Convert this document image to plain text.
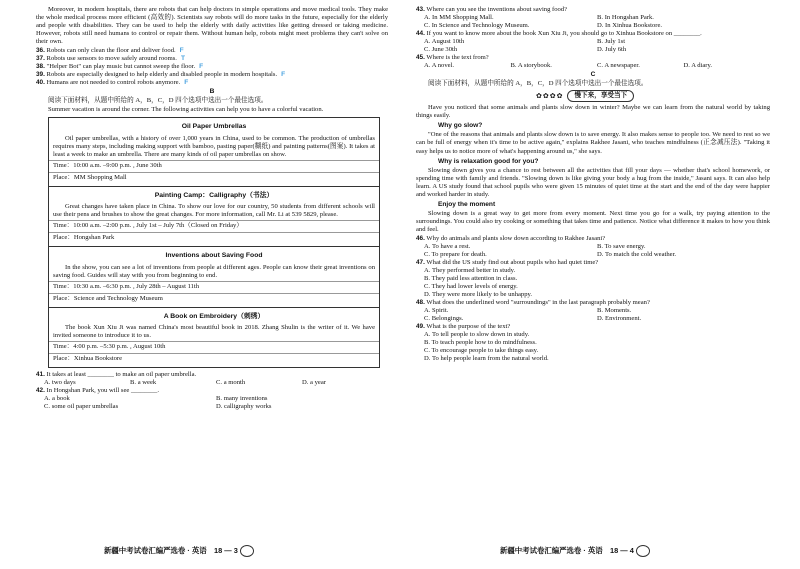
Moreover, in modern hospitals, there are robots that can help doctors in simple operations and move medical tools. They make the whole medical process more efficient (高效的). Scientists say robots will do more tasks in the future, especially for the elderly and people with disabilities. They can be used to help the elderly with daily activities like getting dressed or taking medicine. However, robots still need humans to control or repair them. Without human help, robots might meet problems they can't solve on their own.

36. Robots can only clean the floor and deliver food. F

37. Robots use sensors to move safely around rooms. T

38. "Helper Bot" can play music but cannot sweep the floor. F

39. Robots are especially designed to help elderly and disabled people in modern hospitals. F

40. Humans are not needed to control robots anymore. F

B

阅读下面材料，从题中所给的 A，B，C，D 四个选项中选出一个最佳选项。

Summer vacation is around the corner. The following activities can help you to have a colorful vacation.

Oil Paper Umbrellas

Oil paper umbrellas, with a history of over 1,000 years in China, used to be common. The production of umbrellas requires many steps, including making support with bamboo, pasting paper(糊纸) and painting patterns(图案). It takes at least a week to make an umbrella. There are many kinds of oil paper umbrellas on show.

Time：10:00 a.m. –9:00 p.m. , June 30th
Place：MM Shopping Mall
Painting Camp：Calligraphy（书法）

Great changes have taken place in China. To show our love for our country, 50 students from different schools will use their pens and brushes to show the great changes. For more information, call Mr. Li at 539 5829, please.

Time：10:00 a.m. –2:00 p.m. , July 1st – July 7th（Closed on Friday）
Place：Hongshan Park
Inventions about Saving Food

In the show, you can see a lot of inventions from people at different ages. People can know their great inventions on saving food. Guides will stay with you from beginning to end.

Time：10:30 a.m. –6:30 p.m. , July 28th – August 11th
Place：Science and Technology Museum
A Book on Embroidery（刺绣）

The book Xun Xiu Ji was named China's most beautiful book in 2018. Zhang Shulin is the writer of it. We have invited someone to introduce it to us.

Time：4:00 p.m. –5:30 p.m. , August 10th
Place：Xinhua Bookstore

41. It takes at least ________ to make an oil paper umbrella.

A. two days	B. a week	C. a month	D. a year

42. In Hongshan Park, you will see ________.

A. a book	B. many inventions
C. some oil paper umbrellas	D. calligraphy works
新疆中考试卷汇编严选卷 · 英语　18 — 3

43. Where can you see the inventions about saving food?

A. In MM Shopping Mall.	B. In Hongshan Park.
C. In Science and Technology Museum.	D. In Xinhua Bookstore.

44. If you want to know more about the book Xun Xiu Ji, you should go to Xinhua Bookstore on ________.

A. August 10th	B. July 1st
C. June 30th	D. July 6th

45. Where is the text from?

A. A novel.	B. A storybook.	C. A newspaper.	D. A diary.
C

阅读下面材料，从题中所给的 A，B，C，D 四个选项中选出一个最佳选项。

✿✿✿✿	慢下来，享受当下

Have you noticed that some animals and plants slow down in winter? Maybe we can learn from the natural world by taking things easily.

Why go slow?

"One of the reasons that animals and plants slow down is to save energy. It also makes sense to people too. We need to rest so we can be full of energy when it's time to be active again," explains Rakhee Jasani, who teaches mindfulness (正念减压法). "Taking it easy helps us to notice more of what's happening around us," she says.

Why is relaxation good for you?

Slowing down gives you a chance to rest between all the activities that fill your days — whether that's school homework, or spending time with family and friends. "Slowing down is like giving your body a hug from the inside," Jasani says. It can also help learn. A US study found that school pupils who were given 15 minutes of quiet time at the start and the end of the day were happier and worked harder in study.

Enjoy the moment

Slowing down is a great way to get more from every moment. Next time you go for a walk, try paying attention to the surroundings. You could also try cooking or something that takes time and patience. Notice what difference it makes to how you think and feel.

46. Why do animals and plants slow down according to Rakhee Jasani?

A. To have a rest.	B. To save energy.
C. To prepare for death.	D. To match the cold weather.

47. What did the US study find out about pupils who had quiet time?

A. They performed better in study.
B. They paid less attention in class.
C. They had lower levels of energy.
D. They were more likely to be unhappy.

48. What does the underlined word "surroundings" in the last paragraph probably mean?

A. Spirit.	B. Moments.
C. Belongings.	D. Environment.

49. What is the purpose of the text?

A. To tell people to slow down in study.
B. To teach people how to do mindfulness.
C. To encourage people to take things easy.
D. To help people learn from the natural world.
新疆中考试卷汇编严选卷 · 英语　18 — 4
